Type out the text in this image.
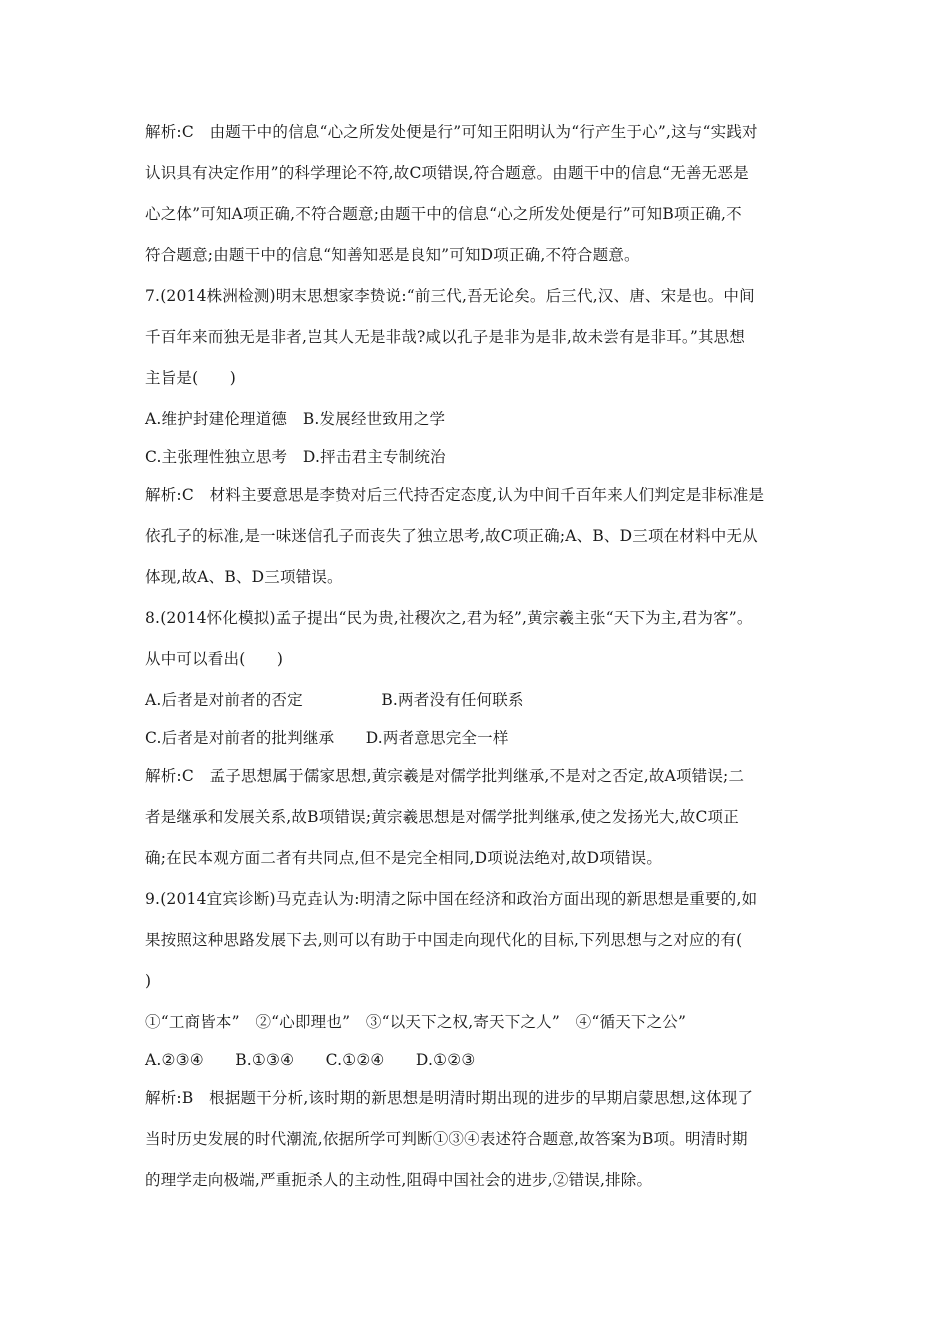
解析:C　由题干中的信息“心之所发处便是行”可知王阳明认为“行产生于心”,这与“实践对
认识具有决定作用”的科学理论不符,故C项错误,符合题意。由题干中的信息“无善无恶是
心之体”可知A项正确,不符合题意;由题干中的信息“心之所发处便是行”可知B项正确,不
符合题意;由题干中的信息“知善知恶是良知”可知D项正确,不符合题意。
7.(2014株洲检测)明末思想家李贽说:“前三代,吾无论矣。后三代,汉、唐、宋是也。中间
千百年来而独无是非者,岂其人无是非哉?咸以孔子是非为是非,故未尝有是非耳。”其思想
主旨是(　　)
A.维护封建伦理道德　B.发展经世致用之学
C.主张理性独立思考　D.抨击君主专制统治
解析:C　材料主要意思是李贽对后三代持否定态度,认为中间千百年来人们判定是非标准是
依孔子的标准,是一味迷信孔子而丧失了独立思考,故C项正确;A、B、D三项在材料中无从
体现,故A、B、D三项错误。
8.(2014怀化模拟)孟子提出“民为贵,社稷次之,君为轻”,黄宗羲主张“天下为主,君为客”。
从中可以看出(　　)
A.后者是对前者的否定　　　　　B.两者没有任何联系
C.后者是对前者的批判继承　　D.两者意思完全一样
解析:C　孟子思想属于儒家思想,黄宗羲是对儒学批判继承,不是对之否定,故A项错误;二
者是继承和发展关系,故B项错误;黄宗羲思想是对儒学批判继承,使之发扬光大,故C项正
确;在民本观方面二者有共同点,但不是完全相同,D项说法绝对,故D项错误。
9.(2014宜宾诊断)马克垚认为:明清之际中国在经济和政治方面出现的新思想是重要的,如
果按照这种思路发展下去,则可以有助于中国走向现代化的目标,下列思想与之对应的有(
)
①“工商皆本”　②“心即理也”　③“以天下之权,寄天下之人”　④“循天下之公”
A.②③④　　B.①③④　　C.①②④　　D.①②③
解析:B　根据题干分析,该时期的新思想是明清时期出现的进步的早期启蒙思想,这体现了
当时历史发展的时代潮流,依据所学可判断①③④表述符合题意,故答案为B项。明清时期
的理学走向极端,严重扼杀人的主动性,阻碍中国社会的进步,②错误,排除。
